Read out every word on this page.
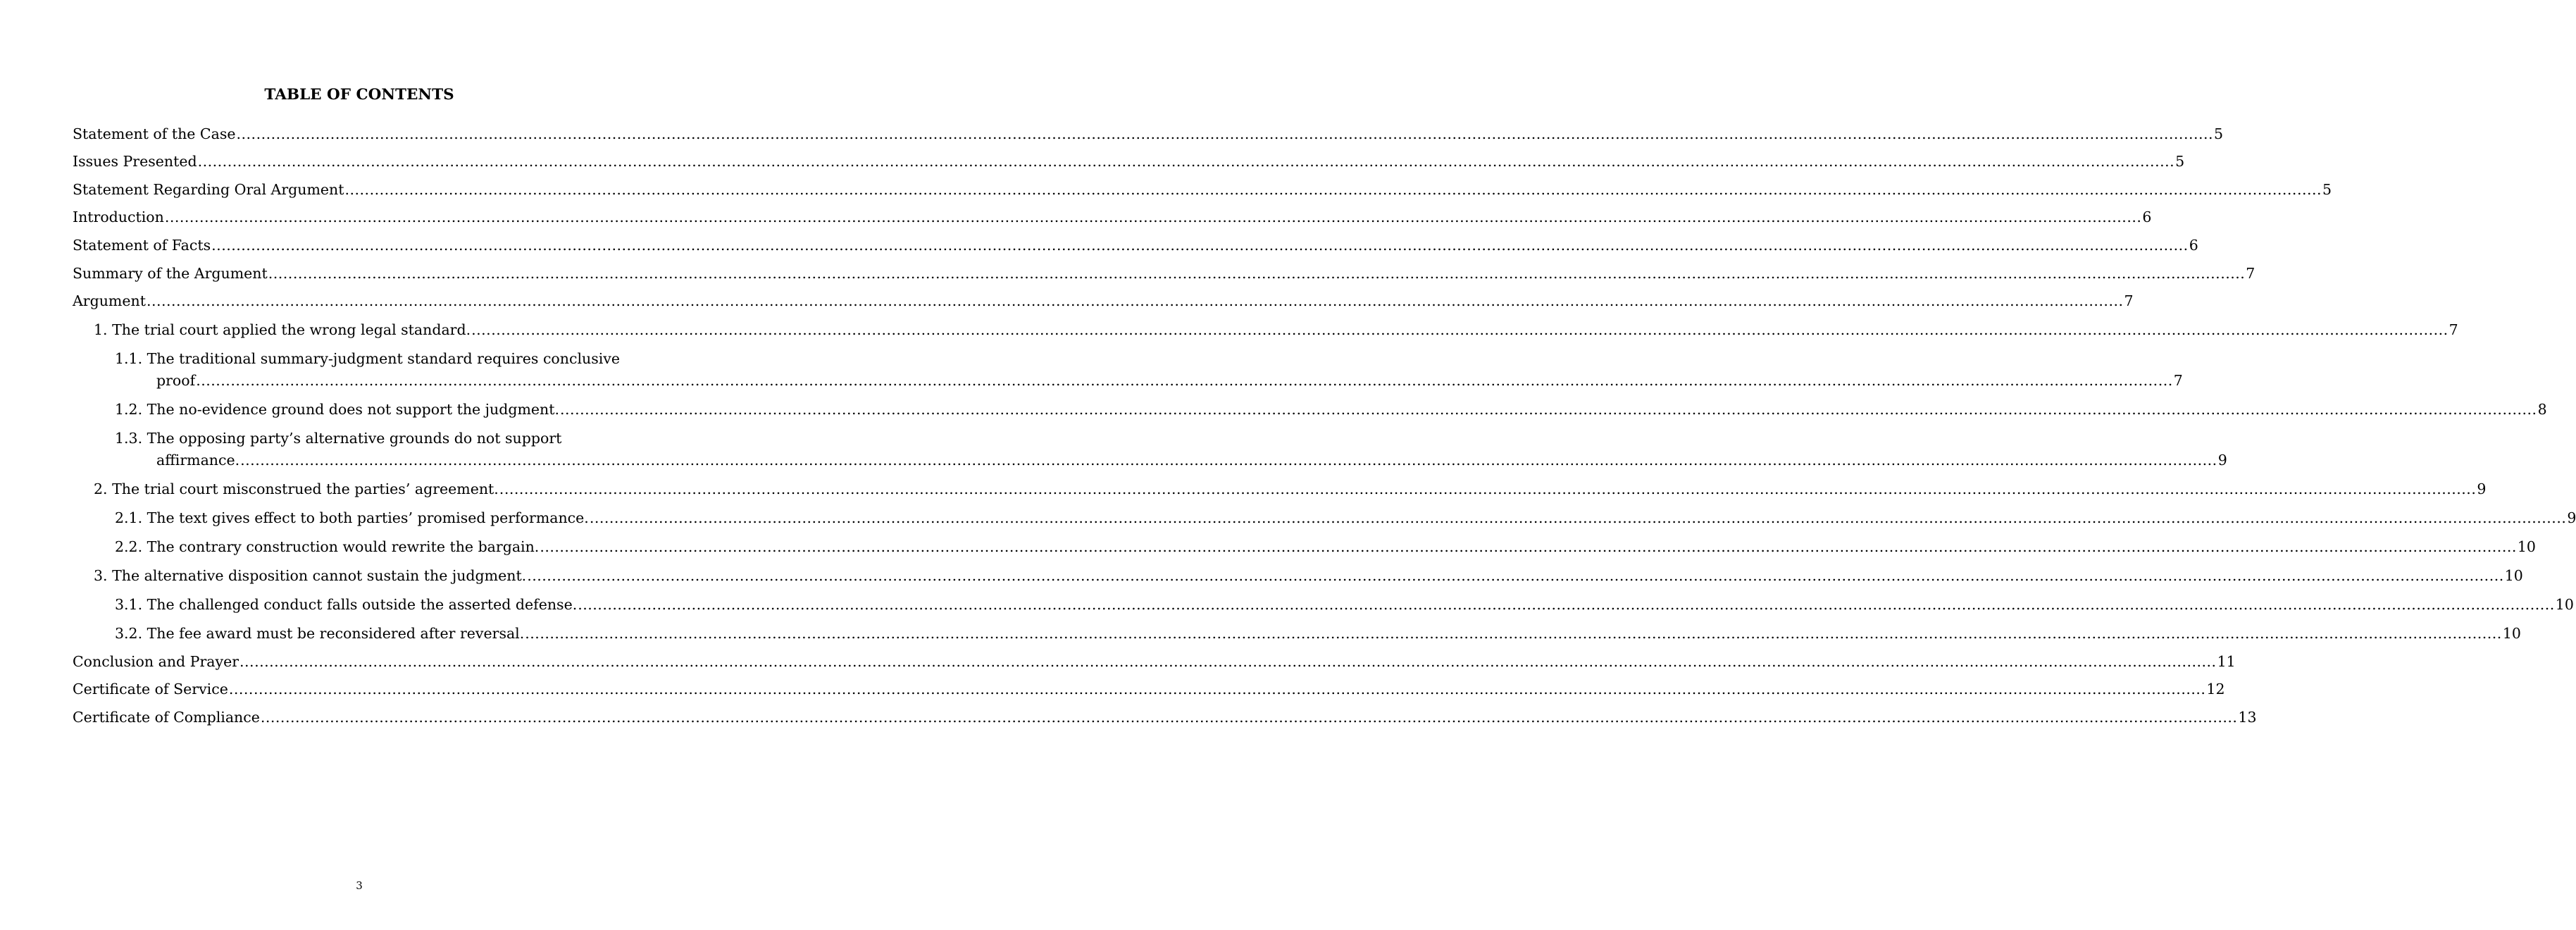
TABLE OF CONTENTS
Statement of the Case ................................................................................................................................................................................................................................................................................................................................................................................................................ 5
Issues Presented ................................................................................................................................................................................................................................................................................................................................................................................................................ 5
Statement Regarding Oral Argument ................................................................................................................................................................................................................................................................................................................................................................................................................ 5
Introduction ................................................................................................................................................................................................................................................................................................................................................................................................................ 6
Statement of Facts ................................................................................................................................................................................................................................................................................................................................................................................................................ 6
Summary of the Argument ................................................................................................................................................................................................................................................................................................................................................................................................................ 7
Argument ................................................................................................................................................................................................................................................................................................................................................................................................................ 7
1. The trial court applied the wrong legal standard. ................................................................................................................................................................................................................................................................................................................................................................................................................ 7
1.1. The traditional summary-judgment standard requires conclusive
proof ................................................................................................................................................................................................................................................................................................................................................................................................................ 7
1.2. The no-evidence ground does not support the judgment. ................................................................................................................................................................................................................................................................................................................................................................................................................ 8
1.3. The opposing party’s alternative grounds do not support
affirmance. ................................................................................................................................................................................................................................................................................................................................................................................................................ 9
2. The trial court misconstrued the parties’ agreement. ................................................................................................................................................................................................................................................................................................................................................................................................................ 9
2.1. The text gives effect to both parties’ promised performance. ................................................................................................................................................................................................................................................................................................................................................................................................................ 9
2.2. The contrary construction would rewrite the bargain. ................................................................................................................................................................................................................................................................................................................................................................................................................ 10
3. The alternative disposition cannot sustain the judgment. ................................................................................................................................................................................................................................................................................................................................................................................................................ 10
3.1. The challenged conduct falls outside the asserted defense. ................................................................................................................................................................................................................................................................................................................................................................................................................ 10
3.2. The fee award must be reconsidered after reversal. ................................................................................................................................................................................................................................................................................................................................................................................................................ 10
Conclusion and Prayer ................................................................................................................................................................................................................................................................................................................................................................................................................ 11
Certificate of Service ................................................................................................................................................................................................................................................................................................................................................................................................................ 12
Certificate of Compliance ................................................................................................................................................................................................................................................................................................................................................................................................................ 13
3
